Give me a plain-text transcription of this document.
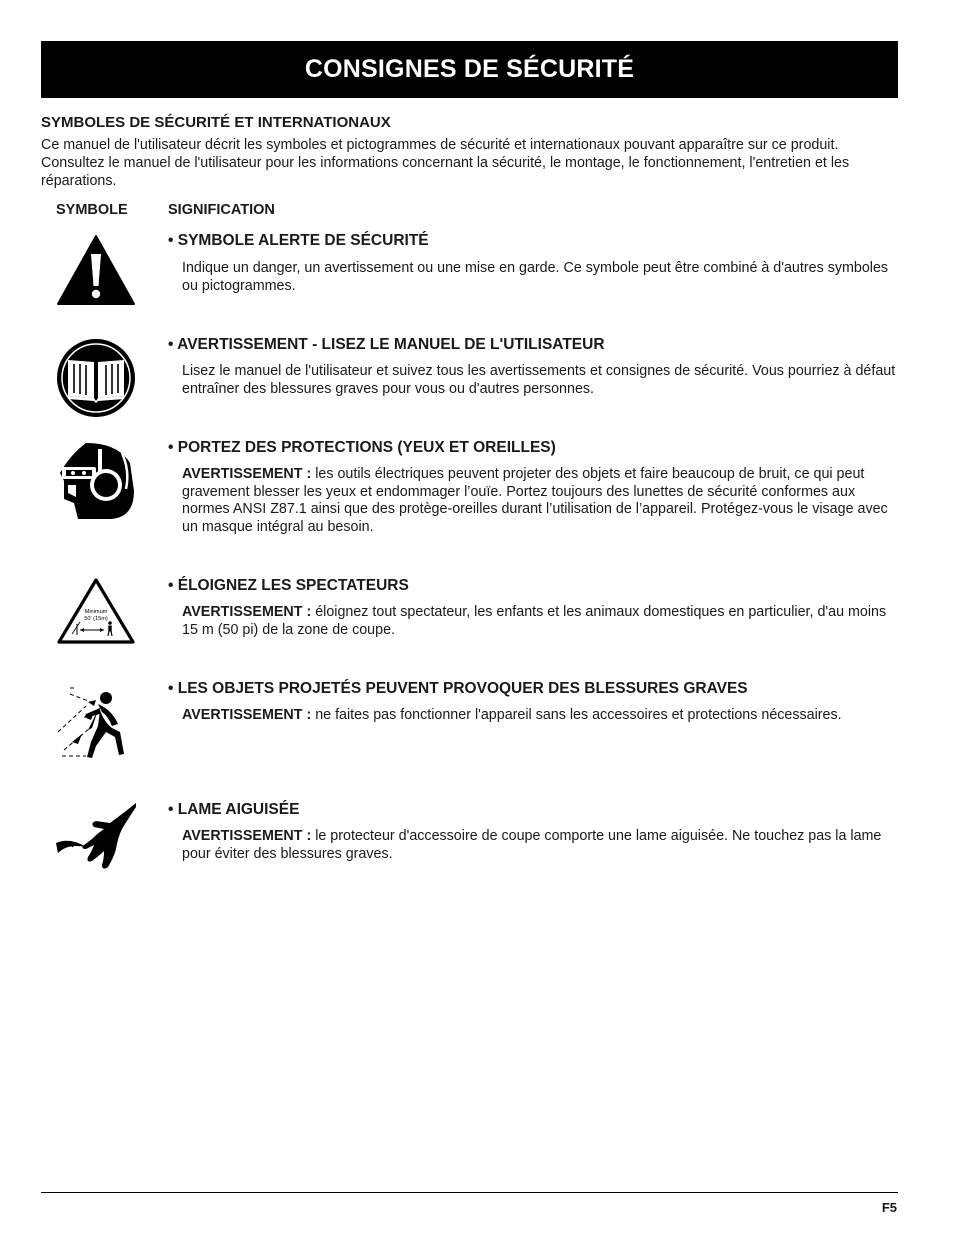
CONSIGNES DE SÉCURITÉ
SYMBOLES DE SÉCURITÉ ET INTERNATIONAUX

Ce manuel de l'utilisateur décrit les symboles et pictogrammes de sécurité et internationaux pouvant apparaître sur ce produit. Consultez le manuel de l'utilisateur pour les informations concernant la sécurité, le montage, le fonctionnement, l'entretien et les réparations.

SYMBOLE	SIGNIFICATION
• SYMBOLE ALERTE DE SÉCURITÉ

Indique un danger, un avertissement ou une mise en garde. Ce symbole peut être combiné à d'autres symboles ou pictogrammes.

• AVERTISSEMENT - LISEZ LE MANUEL DE L'UTILISATEUR

Lisez le manuel de l'utilisateur et suivez tous les avertissements et consignes de sécurité. Vous pourriez à défaut entraîner des blessures graves pour vous ou d'autres personnes.

• PORTEZ DES PROTECTIONS (YEUX ET OREILLES)

AVERTISSEMENT : les outils électriques peuvent projeter des objets et faire beaucoup de bruit, ce qui peut gravement blesser les yeux et endommager l’ouïe. Portez toujours des lunettes de sécurité conformes aux normes ANSI Z87.1 ainsi que des protège-oreilles durant l’utilisation de l’appareil. Protégez-vous le visage avec un masque intégral au besoin.

Minimum
50' (15m)
• ÉLOIGNEZ LES SPECTATEURS

AVERTISSEMENT : éloignez tout spectateur, les enfants et les animaux domestiques en particulier, d'au moins 15 m (50 pi) de la zone de coupe.

• LES OBJETS PROJETÉS PEUVENT PROVOQUER DES BLESSURES GRAVES

AVERTISSEMENT : ne faites pas fonctionner l'appareil sans les accessoires et protections nécessaires.

• LAME AIGUISÉE

AVERTISSEMENT : le protecteur d'accessoire de coupe comporte une lame aiguisée. Ne touchez pas la lame pour éviter des blessures graves.

F5
